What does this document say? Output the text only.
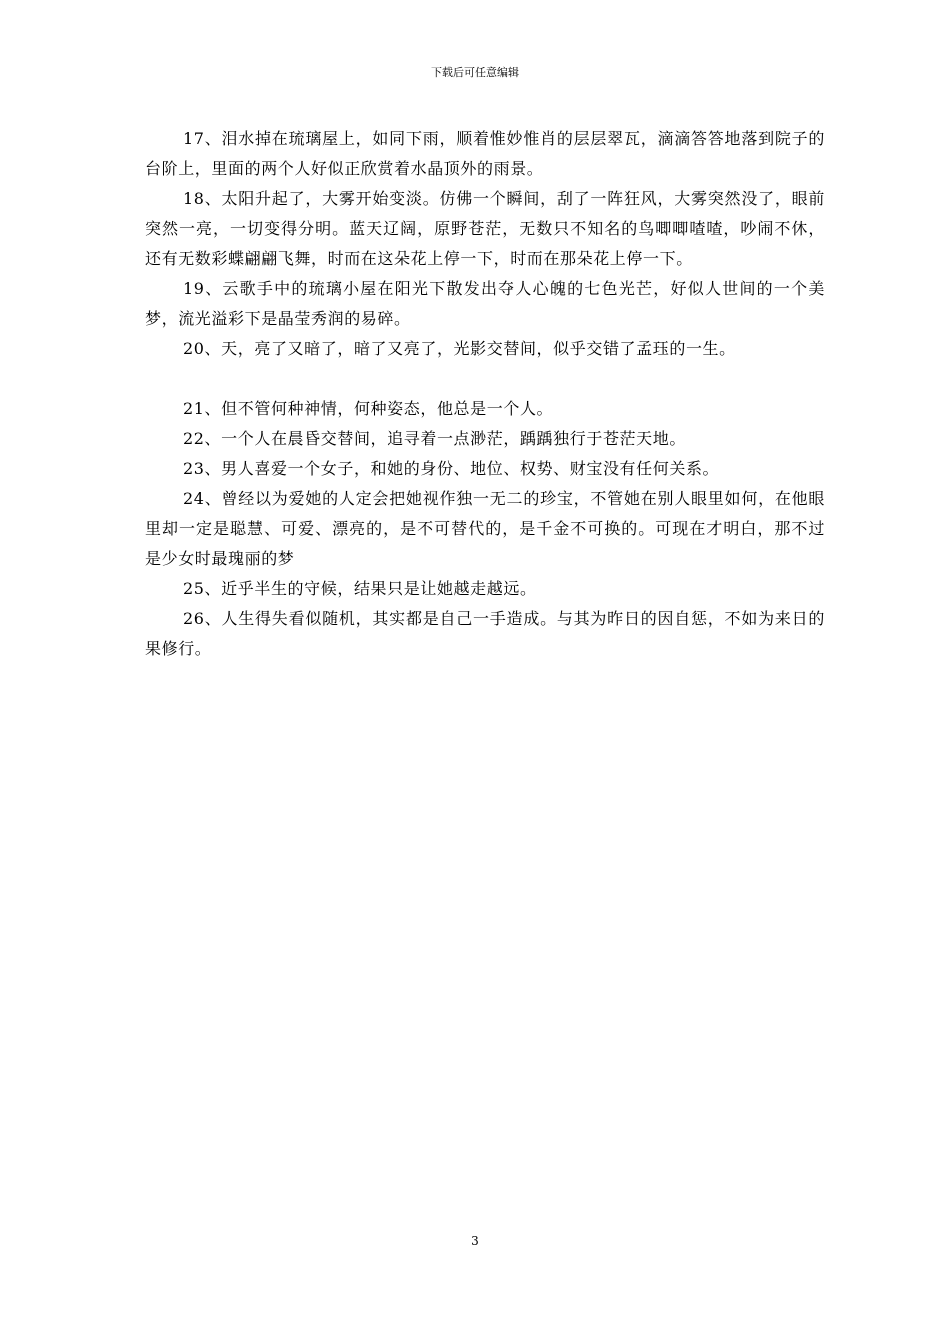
下载后可任意编辑

17、泪水掉在琉璃屋上，如同下雨，顺着惟妙惟肖的层层翠瓦，滴滴答答地落到院子的台阶上，里面的两个人好似正欣赏着水晶顶外的雨景。

18、太阳升起了，大雾开始变淡。仿佛一个瞬间，刮了一阵狂风，大雾突然没了，眼前突然一亮，一切变得分明。蓝天辽阔，原野苍茫，无数只不知名的鸟唧唧喳喳，吵闹不休，还有无数彩蝶翩翩飞舞，时而在这朵花上停一下，时而在那朵花上停一下。

19、云歌手中的琉璃小屋在阳光下散发出夺人心魄的七色光芒，好似人世间的一个美梦，流光溢彩下是晶莹秀润的易碎。

20、天，亮了又暗了，暗了又亮了，光影交替间，似乎交错了孟珏的一生。

21、但不管何种神情，何种姿态，他总是一个人。

22、一个人在晨昏交替间，追寻着一点渺茫，踽踽独行于苍茫天地。

23、男人喜爱一个女子，和她的身份、地位、权势、财宝没有任何关系。

24、曾经以为爱她的人定会把她视作独一无二的珍宝，不管她在别人眼里如何，在他眼里却一定是聪慧、可爱、漂亮的，是不可替代的，是千金不可换的。可现在才明白，那不过是少女时最瑰丽的梦

25、近乎半生的守候，结果只是让她越走越远。

26、人生得失看似随机，其实都是自己一手造成。与其为昨日的因自惩，不如为来日的果修行。

3
